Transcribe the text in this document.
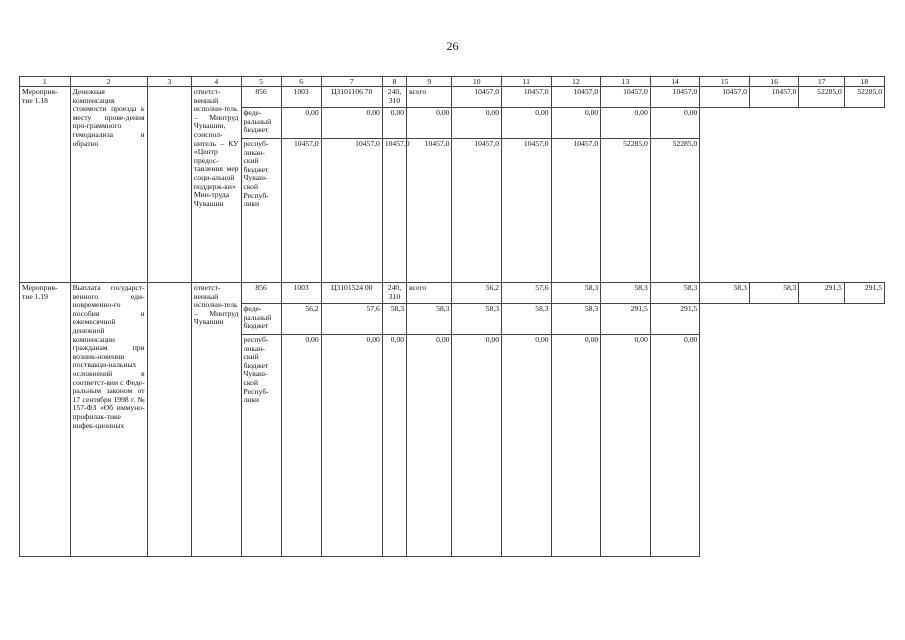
26
1	2	3	4	5	6	7	8	9	10	11	12	13	14	15	16	17	18
Мероприя-тие 1.18	Денежная компенсация стоимости проезда к месту прове-дения про-граммного гемодиализа и обратно		ответст-венный исполни-тель – Минтруд Чувашии, соиспол-нитель – КУ «Центр предос-тавления мер соци-альной поддерж-ки» Мин-труда Чувашии	856	1003	Ц3101106 70	240, 310	всего	10457,0	10457,0	10457,0	10457,0	10457,0	10457,0	10457,0	52285,0	52285,0
				феде-ральный бюджет	0,00	0,00	0,00	0,00	0,00	0,00	0,00	0,00	0,00				
				респуб-ликан-ский бюджет Чуваш-ской Респуб-лики	10457,0	10457,0	10457,0	10457,0	10457,0	10457,0	10457,0	52285,0	52285,0				
Мероприя-тие 1.19	Выплата государст-венного еди-новременно-го пособия и ежемесячной денежной компенсации гражданам при возник-новении поствакци-нальных осложнений в соответст-вии с Феде-ральным законом от 17 сентября 1998 г. № 157-ФЗ «Об иммуно-профилак-тике инфек-ционных		ответст-венный исполни-тель – Минтруд Чувашии	856	1003	Ц3101524 00	240, 310	всего	56,2	57,6	58,3	58,3	58,3	58,3	58,3	291,5	291,5
				феде-ральный бюджет	56,2	57,6	58,3	58,3	58,3	58,3	58,3	291,5	291,5				
				респуб-ликан-ский бюджет Чуваш-ской Респуб-лики	0,00	0,00	0,00	0,00	0,00	0,00	0,00	0,00	0,00				
